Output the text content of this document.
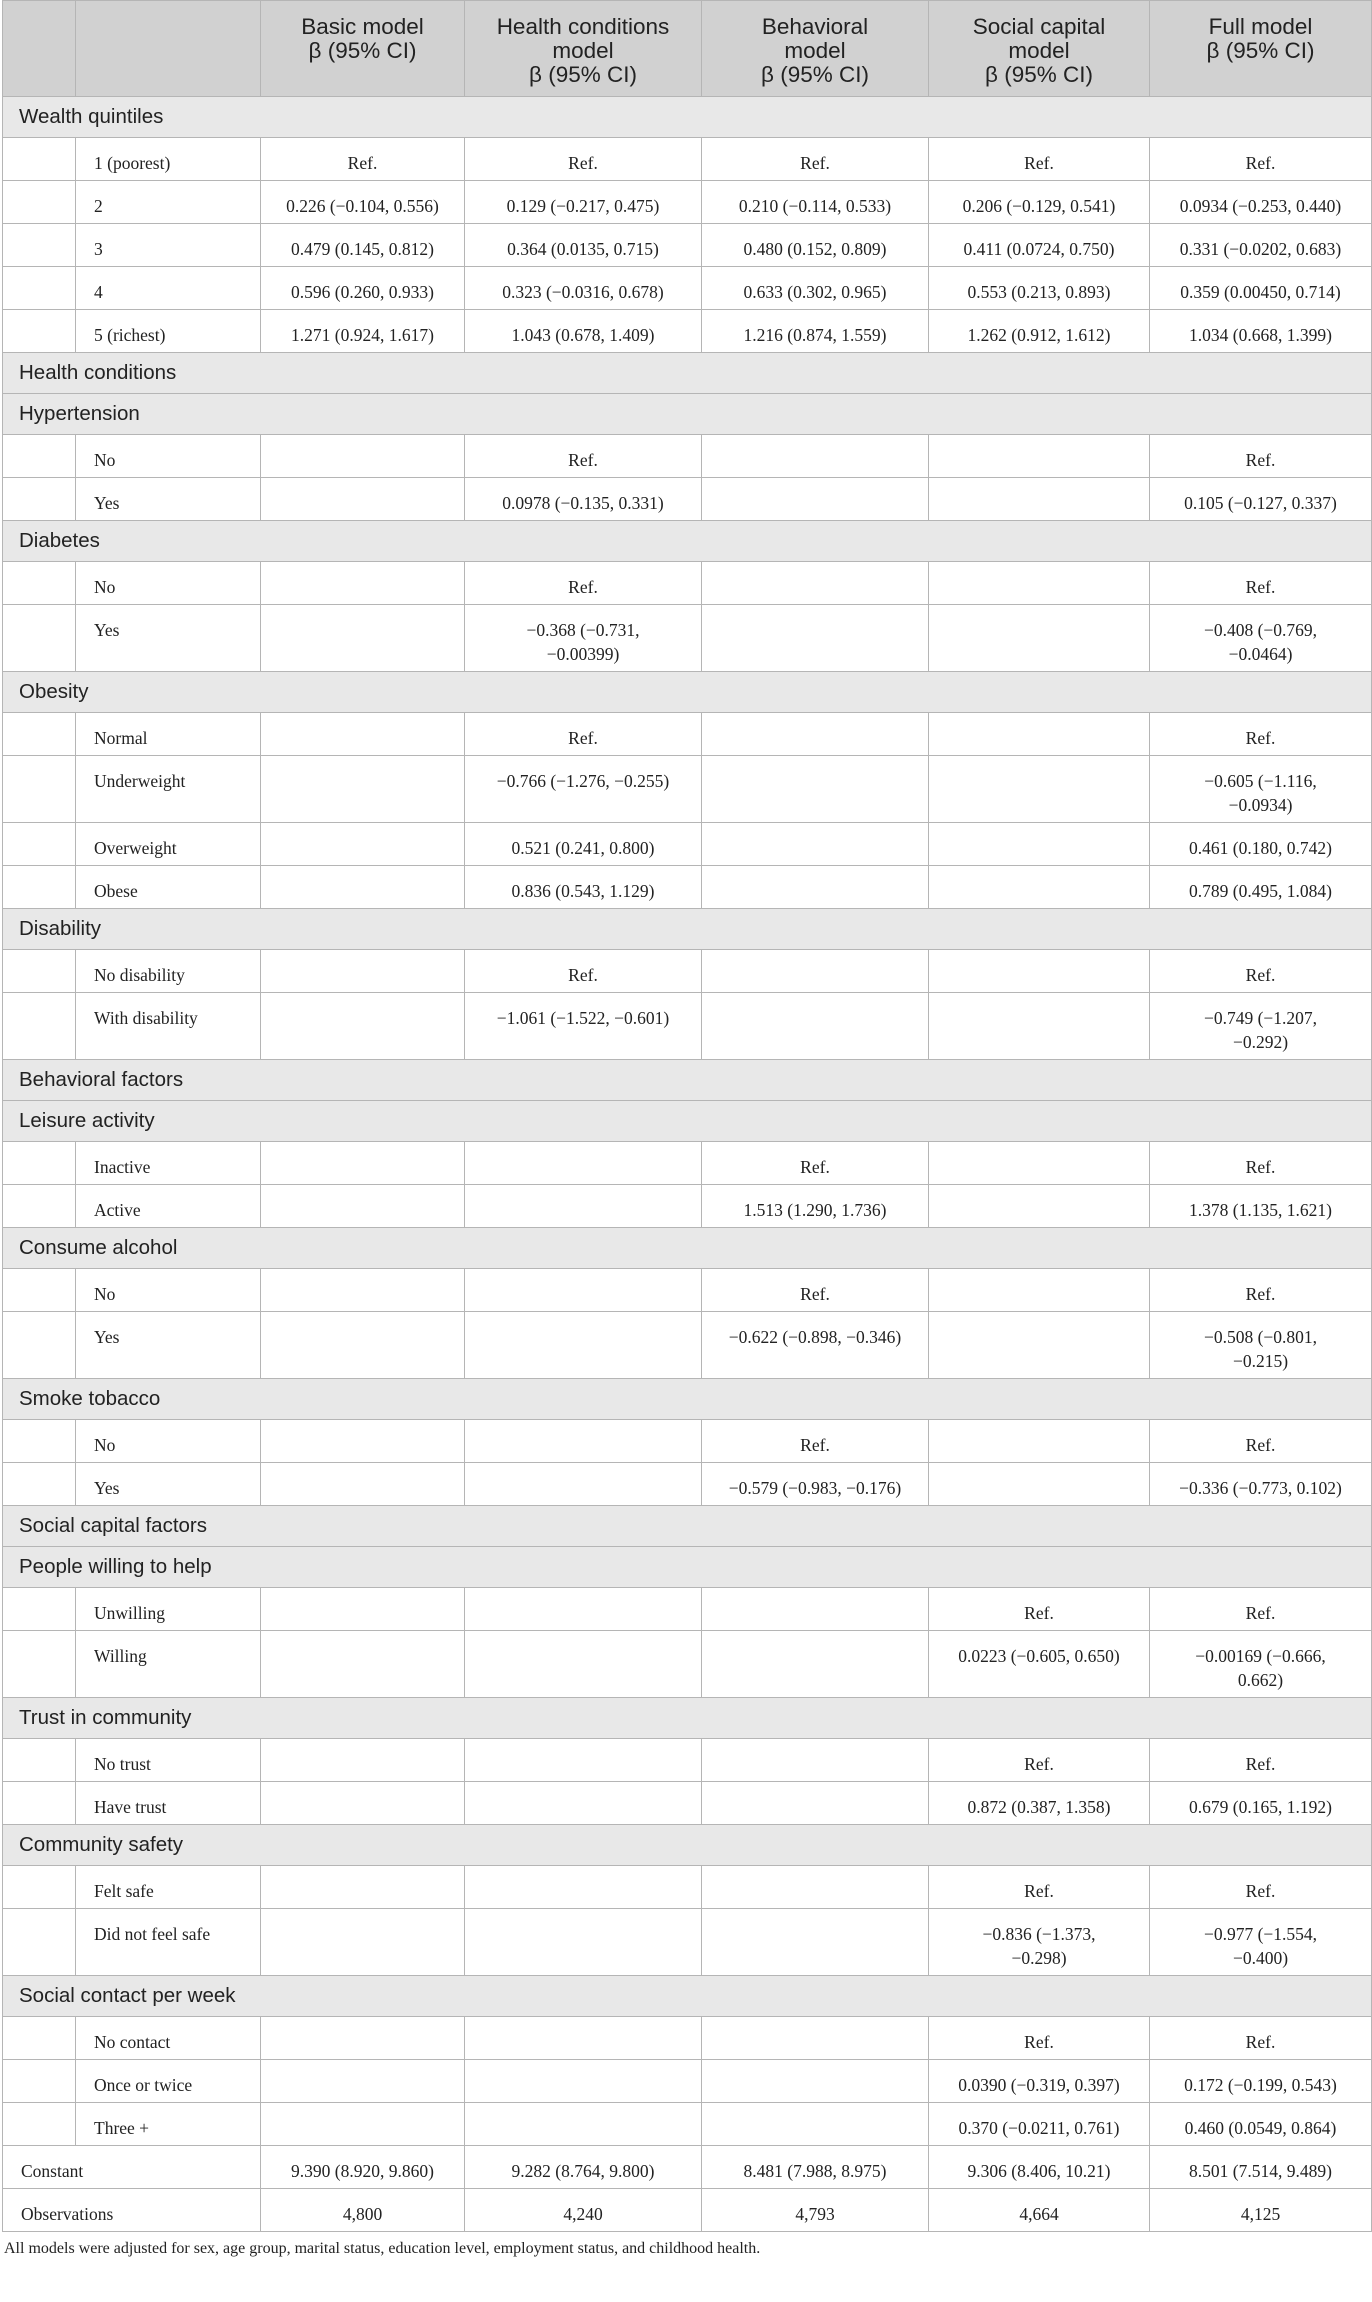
		Basic model
β (95% CI)	Health conditions
model
β (95% CI)	Behavioral
model
β (95% CI)	Social capital
model
β (95% CI)	Full model
β (95% CI)

Wealth quintiles						
	1 (poorest)	Ref.	Ref.	Ref.	Ref.	Ref.
	2	0.226 (−0.104, 0.556)	0.129 (−0.217, 0.475)	0.210 (−0.114, 0.533)	0.206 (−0.129, 0.541)	0.0934 (−0.253, 0.440)
	3	0.479 (0.145, 0.812)	0.364 (0.0135, 0.715)	0.480 (0.152, 0.809)	0.411 (0.0724, 0.750)	0.331 (−0.0202, 0.683)
	4	0.596 (0.260, 0.933)	0.323 (−0.0316, 0.678)	0.633 (0.302, 0.965)	0.553 (0.213, 0.893)	0.359 (0.00450, 0.714)
	5 (richest)	1.271 (0.924, 1.617)	1.043 (0.678, 1.409)	1.216 (0.874, 1.559)	1.262 (0.912, 1.612)	1.034 (0.668, 1.399)
Health conditions						
Hypertension						
	No		Ref.			Ref.
	Yes		0.0978 (−0.135, 0.331)			0.105 (−0.127, 0.337)
Diabetes						
	No		Ref.			Ref.
	Yes		−0.368 (−0.731,
−0.00399)			−0.408 (−0.769,
−0.0464)
Obesity						
	Normal		Ref.			Ref.
	Underweight		−0.766 (−1.276, −0.255)			−0.605 (−1.116,
−0.0934)
	Overweight		0.521 (0.241, 0.800)			0.461 (0.180, 0.742)
	Obese		0.836 (0.543, 1.129)			0.789 (0.495, 1.084)
Disability						
	No disability		Ref.			Ref.
	With disability		−1.061 (−1.522, −0.601)			−0.749 (−1.207,
−0.292)
Behavioral factors						
Leisure activity						
	Inactive			Ref.		Ref.
	Active			1.513 (1.290, 1.736)		1.378 (1.135, 1.621)
Consume alcohol						
	No			Ref.		Ref.
	Yes			−0.622 (−0.898, −0.346)		−0.508 (−0.801,
−0.215)
Smoke tobacco						
	No			Ref.		Ref.
	Yes			−0.579 (−0.983, −0.176)		−0.336 (−0.773, 0.102)
Social capital factors						
People willing to help						
	Unwilling				Ref.	Ref.
	Willing				0.0223 (−0.605, 0.650)	−0.00169 (−0.666,
0.662)
Trust in community						
	No trust				Ref.	Ref.
	Have trust				0.872 (0.387, 1.358)	0.679 (0.165, 1.192)
Community safety						
	Felt safe				Ref.	Ref.
	Did not feel safe				−0.836 (−1.373,
−0.298)	−0.977 (−1.554,
−0.400)
Social contact per week						
	No contact				Ref.	Ref.
	Once or twice				0.0390 (−0.319, 0.397)	0.172 (−0.199, 0.543)
	Three +				0.370 (−0.0211, 0.761)	0.460 (0.0549, 0.864)
Constant		9.390 (8.920, 9.860)	9.282 (8.764, 9.800)	8.481 (7.988, 8.975)	9.306 (8.406, 10.21)	8.501 (7.514, 9.489)
Observations		4,800	4,240	4,793	4,664	4,125
All models were adjusted for sex, age group, marital status, education level, employment status, and childhood health.
